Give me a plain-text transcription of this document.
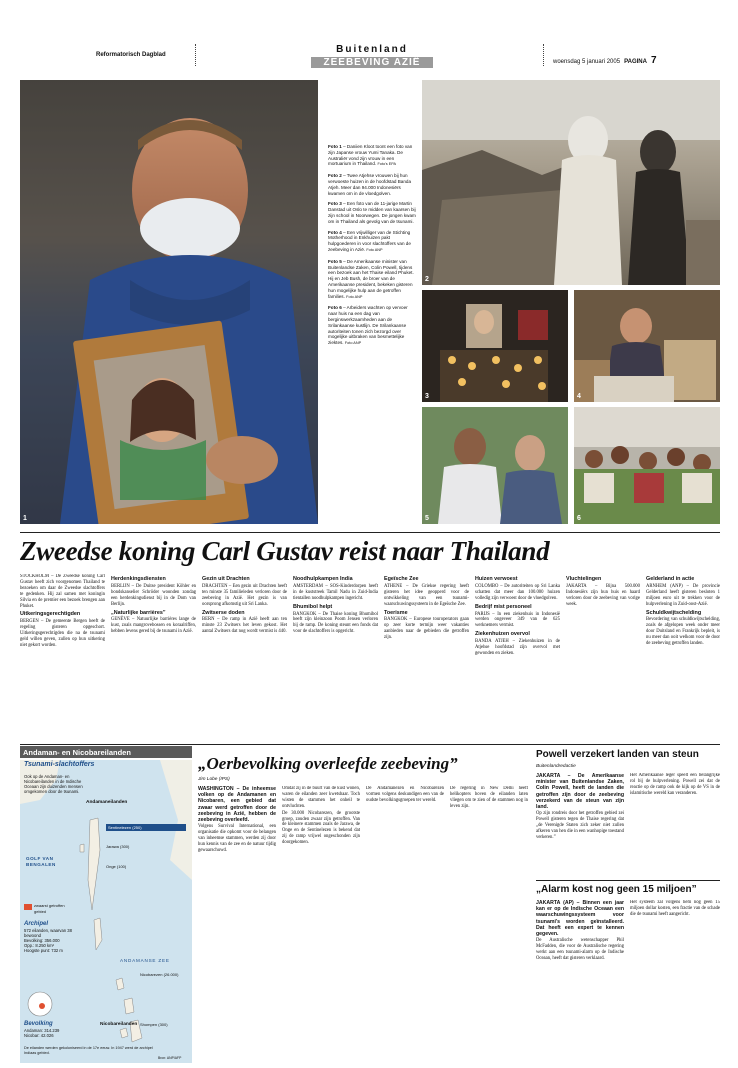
Reformatorisch Dagblad	Buitenland
ZEEBEVING AZIË	woensdag 5 januari 2005 PAGINA 7
1
Foto 1 – Daniien Kloot toont een foto van zijn Japanse vrouw Yumi Tanaka. De Australiër vond zijn vrouw in een mortuarium in Thailand. Foto's EPA
Foto 2 – Twee Atjehse vrouwen bij hun verwoeste huizen in de hoofdstad Banda Atjeh. Meer dan 94.000 Indonesiërs kwamen om in de vloedgolven.
Foto 3 – Een foto van de 11-jarige Martin Danstad uit Oslo te midden van kaarsen bij zijn school in Noorwegen. De jongen kwam om in Thailand als gevolg van de tsunami.
Foto 4 – Een vrijwilliger van de Stichting Motherhood in Enkhuizen pakt hulpgoederen in voor slachtoffers van de zeebeving in Azië. Foto ANP
Foto 5 – De Amerikaanse minister van Buitenlandse Zaken, Colin Powell, tijdens een bezoek aan het Thaise eiland Phuket. Hij en Jeb Bush, de broer van de Amerikaanse president, bekeken gisteren hun mogelijke hulp aan de getroffen families. Foto ANP
Foto 6 – Arbeiders wachten op vervoer naar huis na een dag van berginswerkzaamheden aan de Srilankaanse kustlijn. De Srilankaanse autoriteiten tonen zich bezorgd over mogelijke uitbraken van besmettelijke ziektes. Foto ANP
2
3	4
5	6
Zweedse koning Carl Gustav reist naar Thailand

STOCKHOLM – De Zweedse koning Carl Gustav heeft zich voorgenomen Thailand te bezoeken om daar de Zweedse slachtoffers te gedenken. Hij zal samen met koningin Silvia en de premier een bezoek brengen aan Phuket.

Uitkeringsgerechtigden

BERGEN – De gemeente Bergen heeft de regeling gisteren opgeschort. Uitkeringsgerechtigden die na de tsunami geld willen geven, zullen op hun uitkering niet gekort worden.

Herdenkingsdiensten

BERLIJN – De Duitse president Köhler en bondskanselier Schröder woonden zondag een herdenkingsdienst bij in de Dom van Berlijn.

„Naturlijke barrières”

GENÈVE – Natuurlijke barrières lange de kust, zoals mangrovebossen en koraalriffen, hebben levens gered bij de tsunami in Azië.

Gezin uit Drachten

DRACHTEN – Een gezin uit Drachten heeft ten minste 35 familieleden verloren door de zeebeving in Azië. Het gezin is van oorsprong afkomstig uit Sri Lanka.

Zwitserse doden

BERN – De ramp in Azië heeft aan ten minste 23 Zwitsers het leven gekost. Het aantal Zwitsers dat nog wordt vermist is 440.

Noodhulpkampen India

AMSTERDAM – SOS-Kinderdorpen heeft in de kuststreek Tamil Nadu in Zuid-India tientallen noodhulpkampen ingericht.

Bhumibol helpt

BANGKOK – De Thaise koning Bhumibol heeft zijn kleinzoon Poom Jensen verloren bij de ramp. De koning steunt een fonds dat voor de slachtoffers is opgericht.

Egeïsche Zee

ATHENE – De Griekse regering heeft gisteren het idee geopperd voor de ontwikkeling van een tsunami-waarschuwingssysteem in de Egeïsche Zee.

Toerisme

BANGKOK – Europese touroperators gaan op zeer korte termijn weer vakanties aanbieden naar de gebieden die getroffen zijn.

Huizen verwoest

COLOMBO – De autoriteiten op Sri Lanka schatten dat meer dan 100.000 huizen volledig zijn verwoest door de vloedgolven.

Bedrijf mist personeel

PARIJS – In een ziekenhuis in Indonesië werden ongeveer 349 van de 625 werknemers vermist.

Ziekenhuizen overvol

BANDA ATJEH – Ziekenhuizen in de Atjehse hoofdstad zijn overvol met gewonden en zieken.

Vluchtelingen

JAKARTA – Bijna 500.000 Indonesiërs zijn hun huis en haard verloren door de zeebeving van vorige week.

Gelderland in actie

ARNHEM (ANP) – De provincie Gelderland heeft gisteren besloten 1 miljoen euro uit te trekken voor de hulpverlening in Zuid-oost-Azië.

Schuldkwijtschelding

Bevordering van schuldkwijtschelding, zoals de afgelopen week onder meer door Duitsland en Frankrijk bepleit, is nu meer dan ooit welkom voor de door de zeebeving getroffen landen.

Andaman- en Nicobareilanden
Tsunami-slachtoffers
Ook op de Andaman- en Nicobareilanden in de Indische Oceaan zijn duizenden mensen omgekomen door de tsunami.
GOLF VAN BENGALEN
zwaarst getroffen gebied
Archipel
572 eilanden, waarvan 38 bewoond
Bevolking: 356.000
Opp.: 8.250 km²
Hoogste punt: 732 m
Andamaneilanden
Sentinelezen (250)
Jarawa (300)
Onge (100)
ANDAMANSE ZEE
Nicobarezen (26.000)
Shompen (300)
Nicobareilanden
Bevolking
Andaman: 314.239
Nicobar: 42.026
De eilanden werden gekoloniseerd in de 17e eeuw. In 1947 werd de archipel Indiaas gebied.
Bron: ANP/AFP
„Oerbevolking overleefde zeebeving”
Jim Lobe (IPS)

WASHINGTON – De inheemse volken op de Andamanen en Nicobaren, een gebied dat zwaar werd getroffen door de zeebeving in Azië, hebben de zeebeving overleefd.

Volgens Survival International, een organisatie die opkomt voor de belangen van inheemse stammen, werden zij door hun kennis van de zee en de natuur tijdig gewaarschuwd.

Omdat zij in de buurt van de kust wonen, waren de eilanden zeer kwetsbaar. Toch wisten de stammen het onheil te ontvluchten.

De 30.000 Nicobarezen, de grootste groep, zouden zwaar zijn getroffen. Van de kleinere stammen zoals de Jarawa, de Onge en de Sentinelezen is bekend dat zij de ramp vrijwel ongeschonden zijn doorgekomen.

De Andamanezen en Nicobarezen vormen volgens deskundigen een van de oudste bevolkingsgroepen ter wereld.

De regering in New Delhi heeft helikopters boven de eilanden laten vliegen om te zien of de stammen nog in leven zijn.

Powell verzekert landen van steun
Buitenlandredactie

JAKARTA – De Amerikaanse minister van Buitenlandse Zaken, Colin Powell, heeft de landen die getroffen zijn door de zeebeving verzekerd van de steun van zijn land.

Op zijn rondreis door het getroffen gebied zei Powell gisteren tegen de Thaise regering dat „de Verenigde Staten zich zeker niet zullen afkeren van hen die in een wanhopige toestand verkeren.”

Het Amerikaanse leger speelt een belangrijke rol bij de hulpverlening. Powell zei dat de reactie op de ramp ook de kijk op de VS in de islamitische wereld kan veranderen.

„Alarm kost nog geen 15 miljoen”

JAKARTA (AP) – Binnen een jaar kan er op de Indische Oceaan een waarschuwingssysteem voor tsunami's worden geïnstalleerd. Dat heeft een expert te kennen gegeven.

De Australische wetenschapper Phil McFadden, die voor de Australische regering werkt aan een tsunami-alarm op de Indische Oceaan, heeft dat gisteren verklaard.

Het systeem zal volgens hem nog geen 15 miljoen dollar kosten, een fractie van de schade die de tsunami heeft aangericht.
